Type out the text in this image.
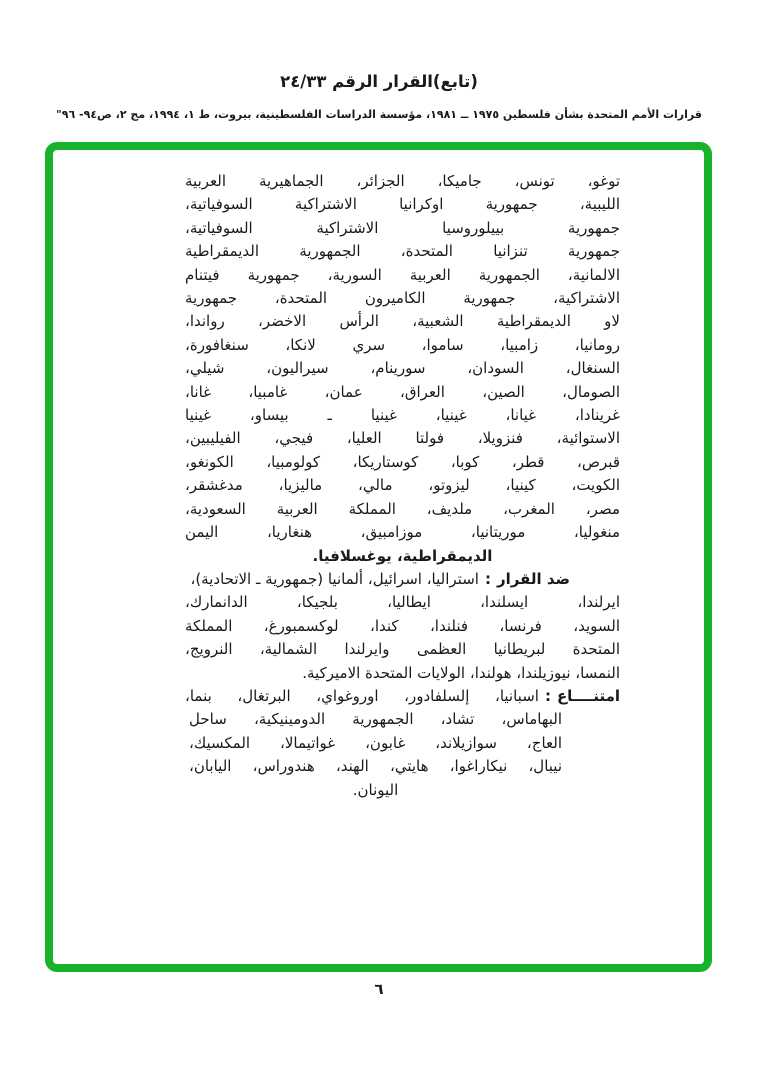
(تابع)القرار الرقم ٢٤/٣٣
قرارات الأمم المتحدة بشأن فلسطين ١٩٧٥ ــ ١٩٨١، مؤسسة الدراسات الفلسطينية، بيروت، ط ١، ١٩٩٤، مج ٢، ص٩٤- ٩٦"
توغو، تونس، جاميكا، الجزائر، الجماهيرية العربية
الليبية، جمهورية اوكرانيا الاشتراكية السوفياتية،
جمهورية بييلوروسيا الاشتراكية السوفياتية،
جمهورية تنزانيا المتحدة، الجمهورية الديمقراطية
الالمانية، الجمهورية العربية السورية، جمهورية فيتنام
الاشتراكية، جمهورية الكاميرون المتحدة، جمهورية
لاو الديمقراطية الشعبية، الرأس الاخضر، رواندا،
رومانيا، زامبيا، ساموا، سري لانكا، سنغافورة،
السنغال، السودان، سورينام، سيراليون، شيلي،
الصومال، الصين، العراق، عمان، غامبيا، غانا،
غرينادا، غيانا، غينيا، غينيا ـ بيساو، غينيا
الاستوائية، فنزويلا، فولتا العليا، فيجي، الفيليبين،
قبرص، قطر، كوبا، كوستاريكا، كولومبيا، الكونغو،
الكويت، كينيا، ليزوتو، مالي، ماليزيا، مدغشقر،
مصر، المغرب، ملديف، المملكة العربية السعودية،
منغوليا، موريتانيا، موزامبيق، هنغاريا، اليمن
الديمقراطية، يوغسلافيا.
ضد القرار:استراليا، اسرائيل، ألمانيا (جمهورية ـ الاتحادية)،
ايرلندا، ايسلندا، ايطاليا، بلجيكا، الدانمارك،
السويد، فرنسا، فنلندا، كندا، لوكسمبورغ، المملكة
المتحدة لبريطانيا العظمى وايرلندا الشمالية، النرويج،
النمسا، نيوزيلندا، هولندا، الولايات المتحدة الاميركية.
امتنــــاع:اسبانيا، إلسلفادور، اوروغواي، البرتغال، بنما،
البهاماس، تشاد، الجمهورية الدومينيكية، ساحل
العاج، سوازيلاند، غابون، غواتيمالا، المكسيك،
نيبال، نيكاراغوا، هايتي، الهند، هندوراس، اليابان،
اليونان.
٦
